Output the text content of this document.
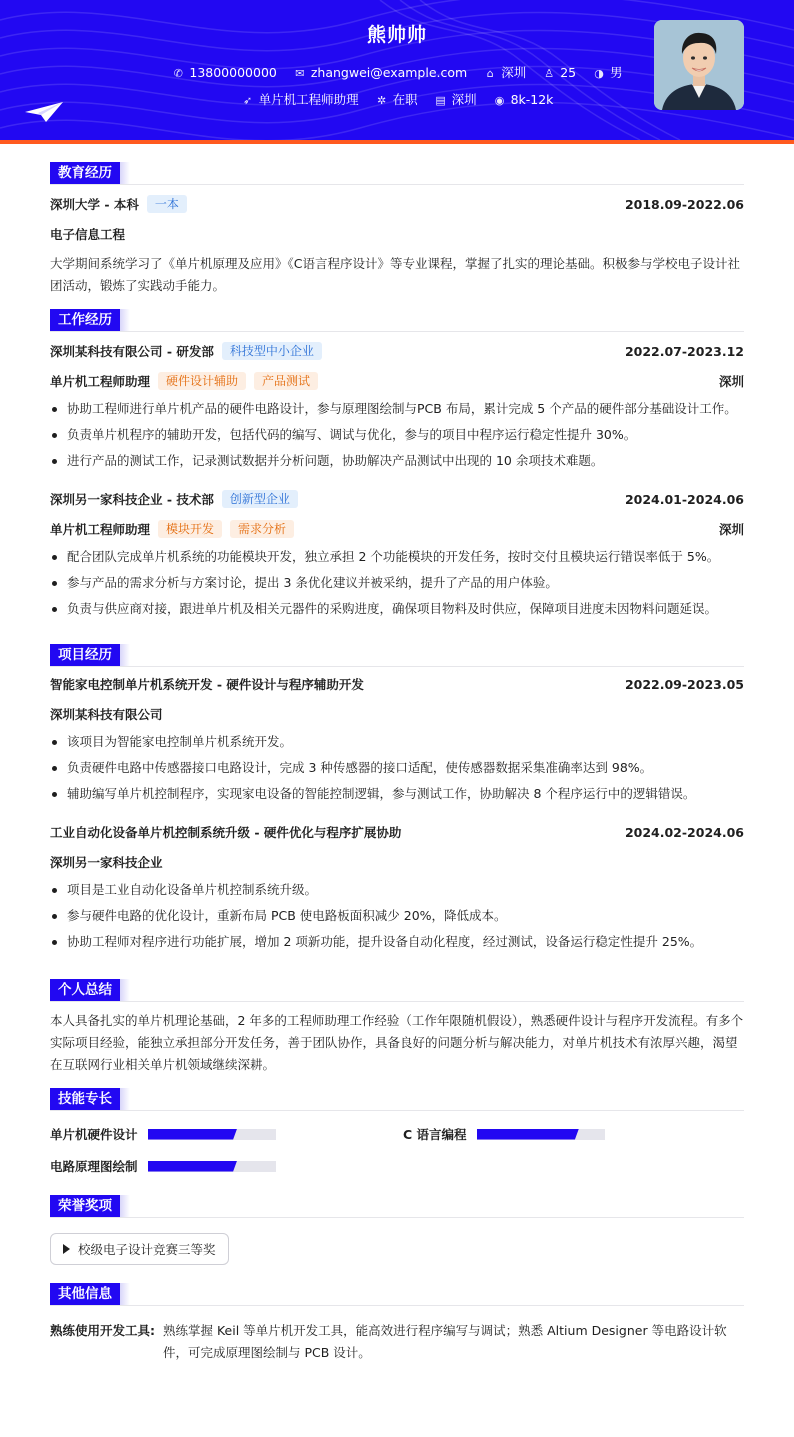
熊帅帅
✆ 13800000000 ✉ zhangwei@example.com ⌂ 深圳 ♙ 25 ◑ 男
➶ 单片机工程师助理 ✲ 在职 ▤ 深圳 ◉ 8k-12k
教育经历
深圳大学 - 本科	一本	2018.09-2022.06
电子信息工程
大学期间系统学习了《单片机原理及应用》《C语言程序设计》等专业课程，掌握了扎实的理论基础。积极参与学校电子设计社团活动，锻炼了实践动手能力。
工作经历
深圳某科技有限公司 - 研发部	科技型中小企业	2022.07-2023.12
单片机工程师助理	硬件设计辅助	产品测试	深圳
协助工程师进行单片机产品的硬件电路设计，参与原理图绘制与PCB 布局，累计完成 5 个产品的硬件部分基础设计工作。
负责单片机程序的辅助开发，包括代码的编写、调试与优化，参与的项目中程序运行稳定性提升 30%。
进行产品的测试工作，记录测试数据并分析问题，协助解决产品测试中出现的 10 余项技术难题。
深圳另一家科技企业 - 技术部	创新型企业	2024.01-2024.06
单片机工程师助理	模块开发	需求分析	深圳
配合团队完成单片机系统的功能模块开发，独立承担 2 个功能模块的开发任务，按时交付且模块运行错误率低于 5%。
参与产品的需求分析与方案讨论，提出 3 条优化建议并被采纳，提升了产品的用户体验。
负责与供应商对接，跟进单片机及相关元器件的采购进度，确保项目物料及时供应，保障项目进度未因物料问题延误。
项目经历
智能家电控制单片机系统开发 - 硬件设计与程序辅助开发	2022.09-2023.05
深圳某科技有限公司
该项目为智能家电控制单片机系统开发。
负责硬件电路中传感器接口电路设计，完成 3 种传感器的接口适配，使传感器数据采集准确率达到 98%。
辅助编写单片机控制程序，实现家电设备的智能控制逻辑，参与测试工作，协助解决 8 个程序运行中的逻辑错误。
工业自动化设备单片机控制系统升级 - 硬件优化与程序扩展协助	2024.02-2024.06
深圳另一家科技企业
项目是工业自动化设备单片机控制系统升级。
参与硬件电路的优化设计，重新布局 PCB 使电路板面积减少 20%，降低成本。
协助工程师对程序进行功能扩展，增加 2 项新功能，提升设备自动化程度，经过测试，设备运行稳定性提升 25%。
个人总结
本人具备扎实的单片机理论基础，2 年多的工程师助理工作经验（工作年限随机假设），熟悉硬件设计与程序开发流程。有多个实际项目经验，能独立承担部分开发任务，善于团队协作，具备良好的问题分析与解决能力，对单片机技术有浓厚兴趣，渴望在互联网行业相关单片机领域继续深耕。
技能专长
单片机硬件设计	C 语言编程
电路原理图绘制
荣誉奖项
校级电子设计竞赛三等奖
其他信息
熟练使用开发工具: 熟练掌握 Keil 等单片机开发工具，能高效进行程序编写与调试；熟悉 Altium Designer 等电路设计软件，可完成原理图绘制与 PCB 设计。
